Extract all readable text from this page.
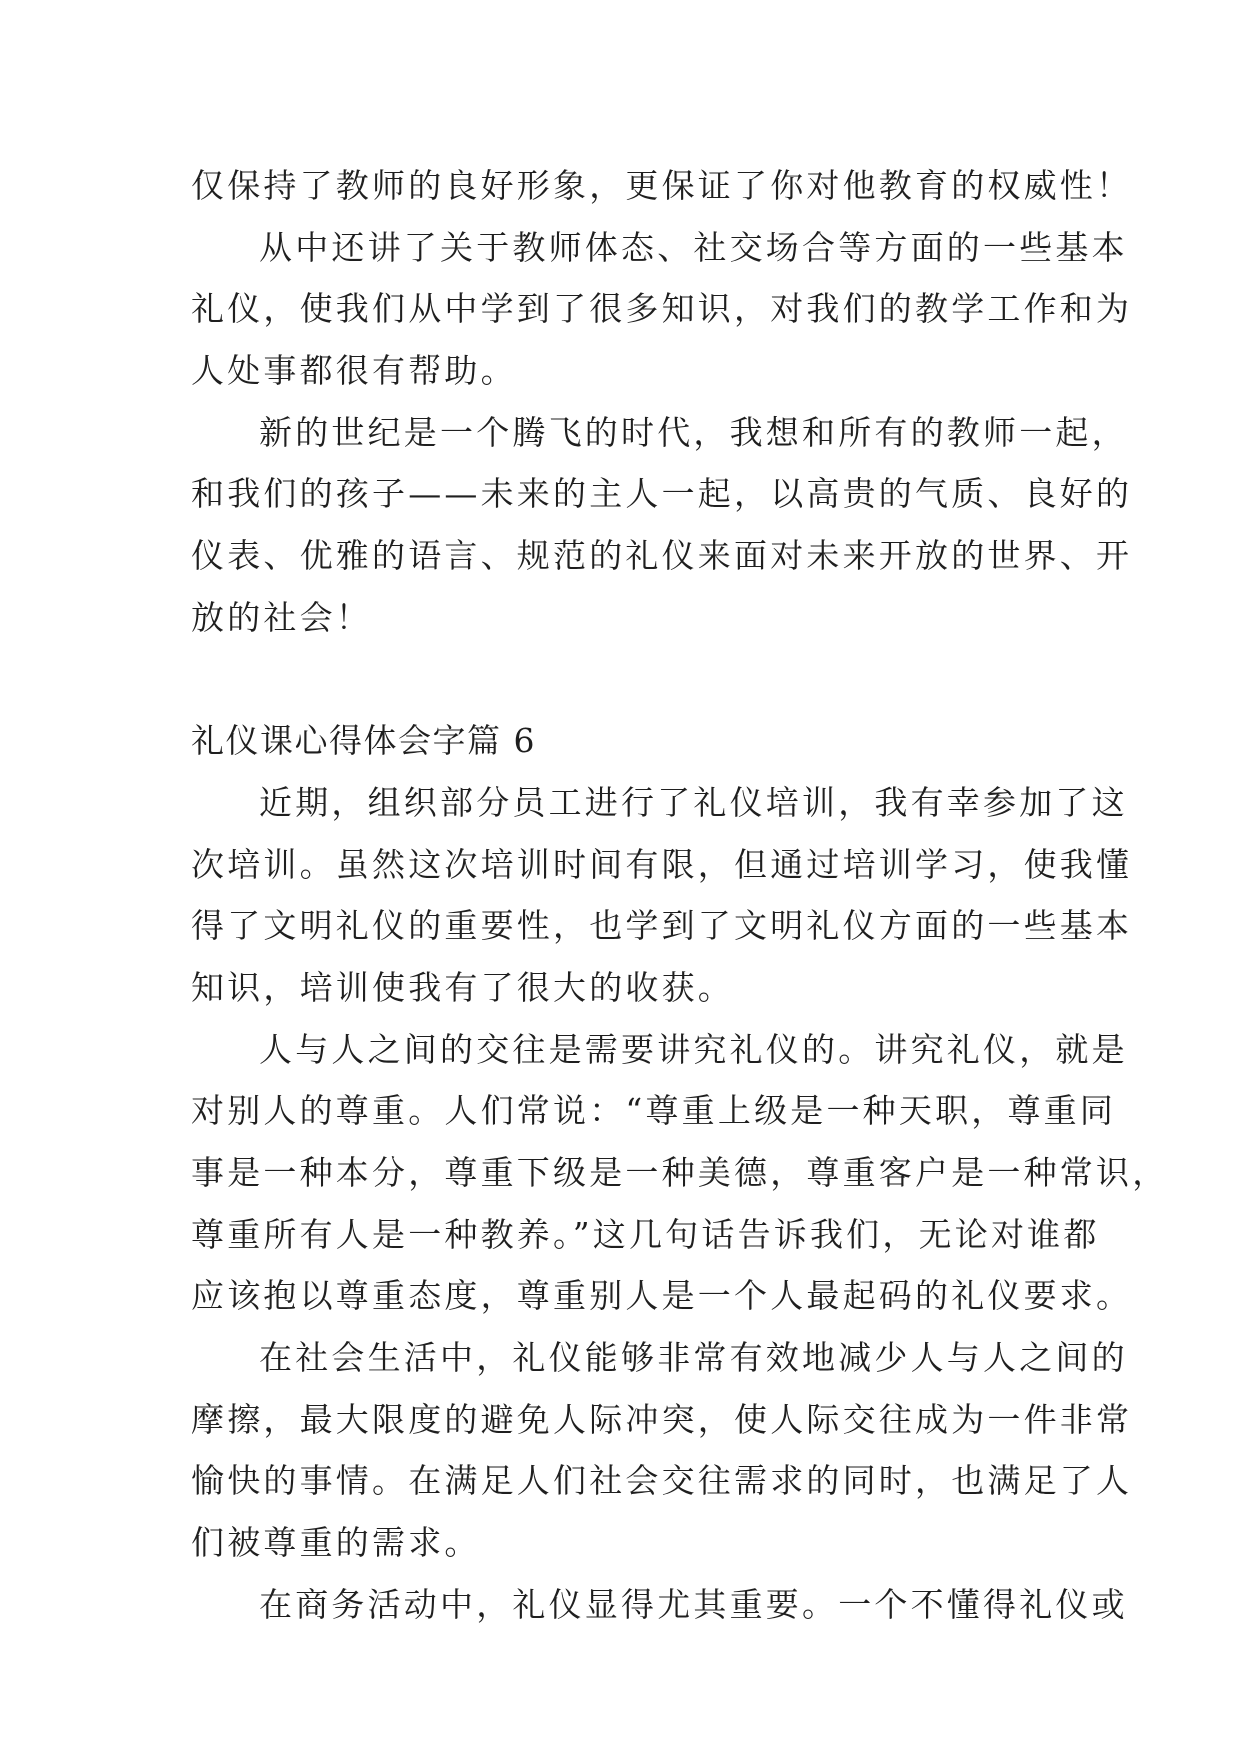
仅保持了教师的良好形象，更保证了你对他教育的权威性！
从中还讲了关于教师体态、社交场合等方面的一些基本
礼仪，使我们从中学到了很多知识，对我们的教学工作和为
人处事都很有帮助。
新的世纪是一个腾飞的时代，我想和所有的教师一起，
和我们的孩子——未来的主人一起，以高贵的气质、良好的
仪表、优雅的语言、规范的礼仪来面对未来开放的世界、开
放的社会！
礼仪课心得体会字篇 6
近期，组织部分员工进行了礼仪培训，我有幸参加了这
次培训。虽然这次培训时间有限，但通过培训学习，使我懂
得了文明礼仪的重要性，也学到了文明礼仪方面的一些基本
知识，培训使我有了很大的收获。
人与人之间的交往是需要讲究礼仪的。讲究礼仪，就是
对别人的尊重。人们常说：“尊重上级是一种天职，尊重同
事是一种本分，尊重下级是一种美德，尊重客户是一种常识，
尊重所有人是一种教养。”这几句话告诉我们，无论对谁都
应该抱以尊重态度，尊重别人是一个人最起码的礼仪要求。
在社会生活中，礼仪能够非常有效地减少人与人之间的
摩擦，最大限度的避免人际冲突，使人际交往成为一件非常
愉快的事情。在满足人们社会交往需求的同时，也满足了人
们被尊重的需求。
在商务活动中，礼仪显得尤其重要。一个不懂得礼仪或
